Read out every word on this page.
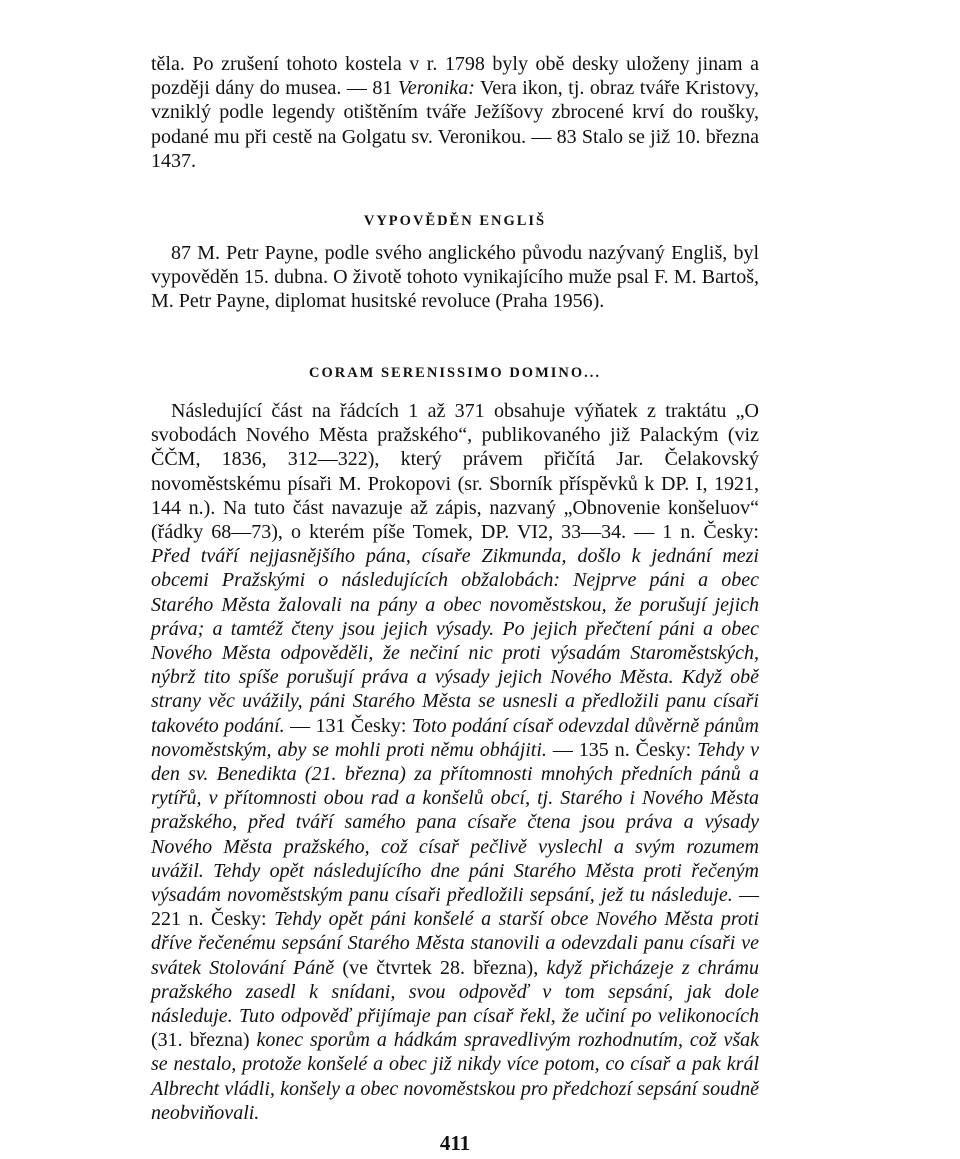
těla. Po zrušení tohoto kostela v r. 1798 byly obě desky uloženy jinam a později dány do musea. — 81 Veronika: Vera ikon, tj. obraz tváře Kristovy, vzniklý podle legendy otištěním tváře Ježíšovy zbrocené krví do roušky, podané mu při cestě na Golgatu sv. Veronikou. — 83 Stalo se již 10. března 1437.

VYPOVĚDĚN ENGLIŠ

87 M. Petr Payne, podle svého anglického původu nazývaný Engliš, byl vypověděn 15. dubna. O životě tohoto vynikajícího muže psal F. M. Bartoš, M. Petr Payne, diplomat husitské revoluce (Praha 1956).

CORAM SERENISSIMO DOMINO...

Následující část na řádcích 1 až 371 obsahuje výňatek z traktátu „O svobodách Nového Města pražského“, publikovaného již Palackým (viz ČČM, 1836, 312—322), který právem přičítá Jar. Čelakovský novoměstskému písaři M. Prokopovi (sr. Sborník příspěvků k DP. I, 1921, 144 n.). Na tuto část navazuje až zápis, nazvaný „Obnovenie konšeluov“ (řádky 68—73), o kterém píše Tomek, DP. VI2, 33—34. — 1 n. Česky: Před tváří nejjasnějšího pána, císaře Zikmunda, došlo k jednání mezi obcemi Pražskými o následujících obžalobách: Nejprve páni a obec Starého Města žalovali na pány a obec novoměstskou, že porušují jejich práva; a tamtéž čteny jsou jejich výsady. Po jejich přečtení páni a obec Nového Města odpověděli, že nečiní nic proti výsadám Staroměstských, nýbrž tito spíše porušují práva a výsady jejich Nového Města. Když obě strany věc uvážily, páni Starého Města se usnesli a předložili panu císaři takovéto podání. — 131 Česky: Toto podání císař odevzdal důvěrně pánům novoměstským, aby se mohli proti němu obhájiti. — 135 n. Česky: Tehdy v den sv. Benedikta (21. března) za přítomnosti mnohých předních pánů a rytířů, v přítomnosti obou rad a konšelů obcí, tj. Starého i Nového Města pražského, před tváří samého pana císaře čtena jsou práva a výsady Nového Města pražského, což císař pečlivě vyslechl a svým rozumem uvážil. Tehdy opět následujícího dne páni Starého Města proti řečeným výsadám novoměstským panu císaři předložili sepsání, jež tu následuje. — 221 n. Česky: Tehdy opět páni konšelé a starší obce Nového Města proti dříve řečenému sepsání Starého Města stanovili a odevzdali panu císaři ve svátek Stolování Páně (ve čtvrtek 28. března), když přicházeje z chrámu pražského zasedl k snídani, svou odpověď v tom sepsání, jak dole následuje. Tuto odpověď přijímaje pan císař řekl, že učiní po velikonocích (31. března) konec sporům a hádkám spravedlivým rozhodnutím, což však se nestalo, protože konšelé a obec již nikdy více potom, co císař a pak král Albrecht vládli, konšely a obec novoměstskou pro předchozí sepsání soudně neobviňovali.

411
